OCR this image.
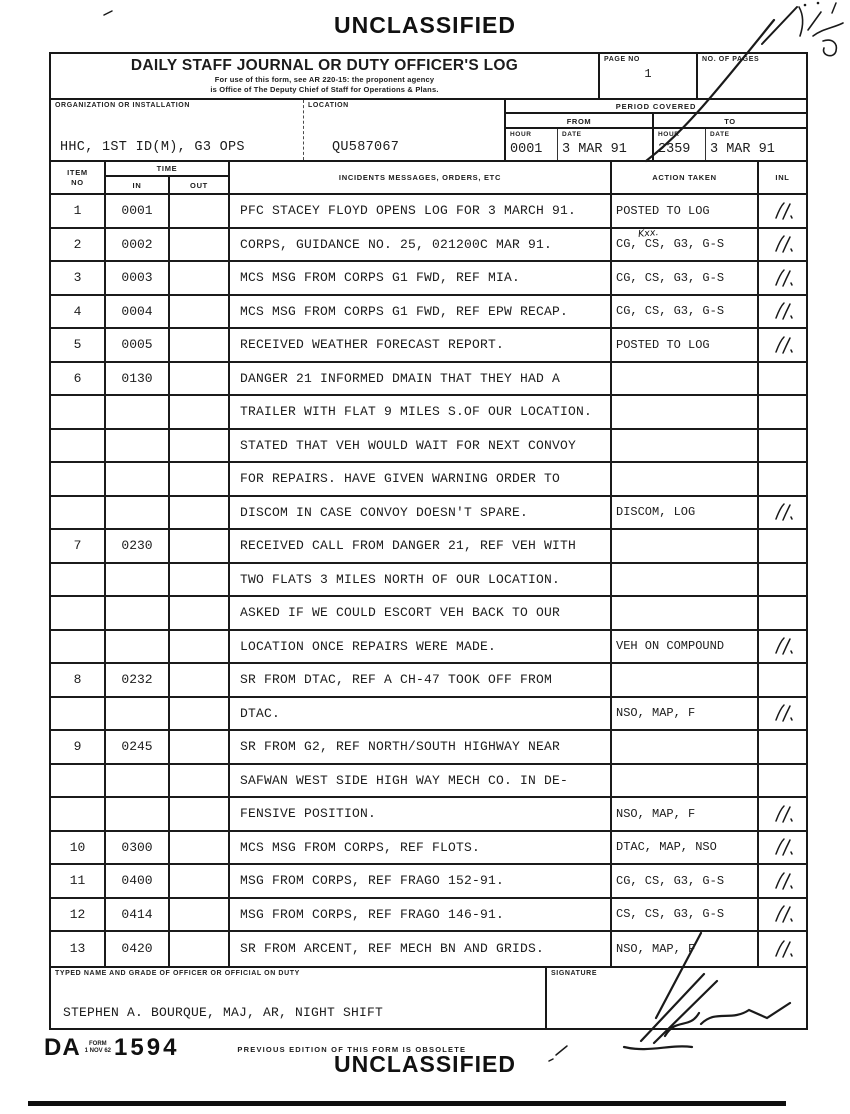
UNCLASSIFIED
DAILY STAFF JOURNAL OR DUTY OFFICER'S LOG
For use of this form, see AR 220-15: the proponent agency
is Office of The Deputy Chief of Staff for Operations & Plans.
PAGE NO
1
NO. OF PAGES
ORGANIZATION OR INSTALLATION
HHC, 1ST ID(M), G3 OPS
LOCATION
QU587067
PERIOD COVERED
FROM	TO
HOUR
0001
DATE
3 MAR 91
HOUR
2359
DATE
3 MAR 91
ITEM
NO
TIME
IN	OUT
INCIDENTS MESSAGES, ORDERS, ETC	ACTION TAKEN	INL
1	0001	PFC STACEY FLOYD OPENS LOG FOR 3 MARCH 91.	POSTED TO LOG
2	0002	CORPS, GUIDANCE NO. 25, 021200C MAR 91.	CG, CS, G3, G-S
Kxx.
3	0003	MCS MSG FROM CORPS G1 FWD, REF MIA.	CG, CS, G3, G-S
4	0004	MCS MSG FROM CORPS G1 FWD, REF EPW RECAP.	CG, CS, G3, G-S
5	0005	RECEIVED WEATHER FORECAST REPORT.	POSTED TO LOG
6	0130	DANGER 21 INFORMED DMAIN THAT THEY HAD A
TRAILER WITH FLAT 9 MILES S.OF OUR LOCATION.
STATED THAT VEH WOULD WAIT FOR NEXT CONVOY
FOR REPAIRS. HAVE GIVEN WARNING ORDER TO
DISCOM IN CASE CONVOY DOESN'T SPARE.	DISCOM, LOG
7	0230	RECEIVED CALL FROM DANGER 21, REF VEH WITH
TWO FLATS 3 MILES NORTH OF OUR LOCATION.
ASKED IF WE COULD ESCORT VEH BACK TO OUR
LOCATION ONCE REPAIRS WERE MADE.	VEH ON COMPOUND
8	0232	SR FROM DTAC, REF A CH-47 TOOK OFF FROM
DTAC.	NSO, MAP, F
9	0245	SR FROM G2, REF NORTH/SOUTH HIGHWAY NEAR
SAFWAN WEST SIDE HIGH WAY MECH CO. IN DE-
FENSIVE POSITION.	NSO, MAP, F
10	0300	MCS MSG FROM CORPS, REF FLOTS.	DTAC, MAP, NSO
11	0400	MSG FROM CORPS, REF FRAGO 152-91.	CG, CS, G3, G-S
12	0414	MSG FROM CORPS, REF FRAGO 146-91.	CS, CS, G3, G-S
13	0420	SR FROM ARCENT, REF MECH BN AND GRIDS.	NSO, MAP, F
TYPED NAME AND GRADE OF OFFICER OR OFFICIAL ON DUTY
STEPHEN A. BOURQUE, MAJ, AR, NIGHT SHIFT
SIGNATURE
DA	FORM
1 NOV 62 1594	PREVIOUS EDITION OF THIS FORM IS OBSOLETE
UNCLASSIFIED
